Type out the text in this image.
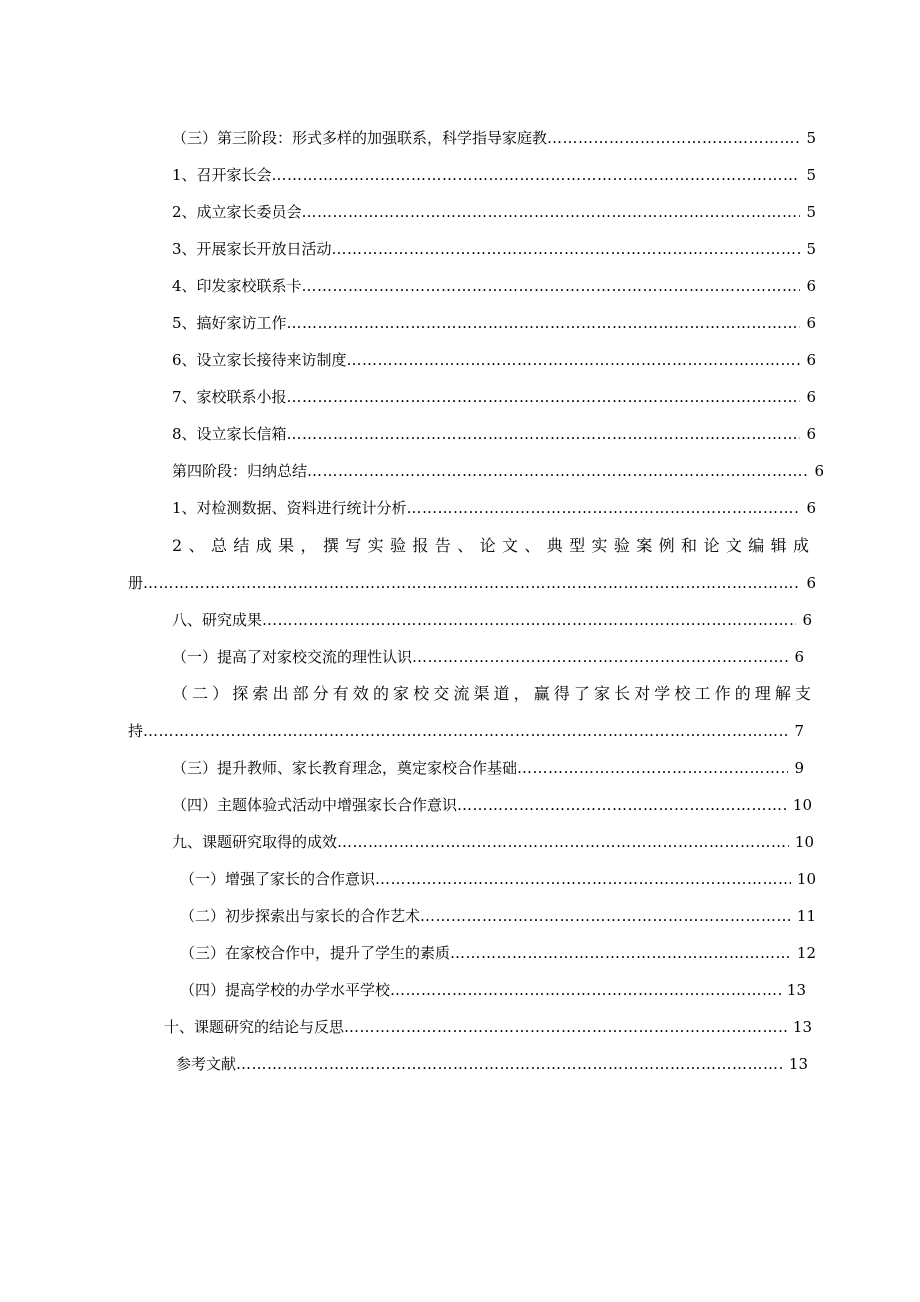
（三）第三阶段：形式多样的加强联系，科学指导家庭教 ………………………………………………………………………………………………………………………………………………………………	5
1、召开家长会 ………………………………………………………………………………………………………………………………………………………………	5
2、成立家长委员会 ………………………………………………………………………………………………………………………………………………………………	5
3、开展家长开放日活动 ………………………………………………………………………………………………………………………………………………………………	5
4、印发家校联系卡 ………………………………………………………………………………………………………………………………………………………………	6
5、搞好家访工作 ………………………………………………………………………………………………………………………………………………………………	6
6、设立家长接待来访制度 ………………………………………………………………………………………………………………………………………………………………	6
7、家校联系小报 ………………………………………………………………………………………………………………………………………………………………	6
8、设立家长信箱 ………………………………………………………………………………………………………………………………………………………………	6
第四阶段：归纳总结 ………………………………………………………………………………………………………………………………………………………………	6
1、对检测数据、资料进行统计分析 ………………………………………………………………………………………………………………………………………………………………	6
2、总结成果，撰写实验报告、论文、典型实验案例和论文编辑成
册 ………………………………………………………………………………………………………………………………………………………………	6
八、研究成果 ………………………………………………………………………………………………………………………………………………………………	6
（一）提高了对家校交流的理性认识 ………………………………………………………………………………………………………………………………………………………………	6
（二）探索出部分有效的家校交流渠道，赢得了家长对学校工作的理解支
持 ………………………………………………………………………………………………………………………………………………………………	7
（三）提升教师、家长教育理念，奠定家校合作基础 ………………………………………………………………………………………………………………………………………………………………	9
（四）主题体验式活动中增强家长合作意识 ………………………………………………………………………………………………………………………………………………………………	10
九、课题研究取得的成效 ………………………………………………………………………………………………………………………………………………………………	10
（一）增强了家长的合作意识 ………………………………………………………………………………………………………………………………………………………………	10
（二）初步探索出与家长的合作艺术 ………………………………………………………………………………………………………………………………………………………………	11
（三）在家校合作中，提升了学生的素质 ………………………………………………………………………………………………………………………………………………………………	12
（四）提高学校的办学水平学校 ………………………………………………………………………………………………………………………………………………………………	13
十、课题研究的结论与反思 ………………………………………………………………………………………………………………………………………………………………	13
参考文献 ………………………………………………………………………………………………………………………………………………………………	13
